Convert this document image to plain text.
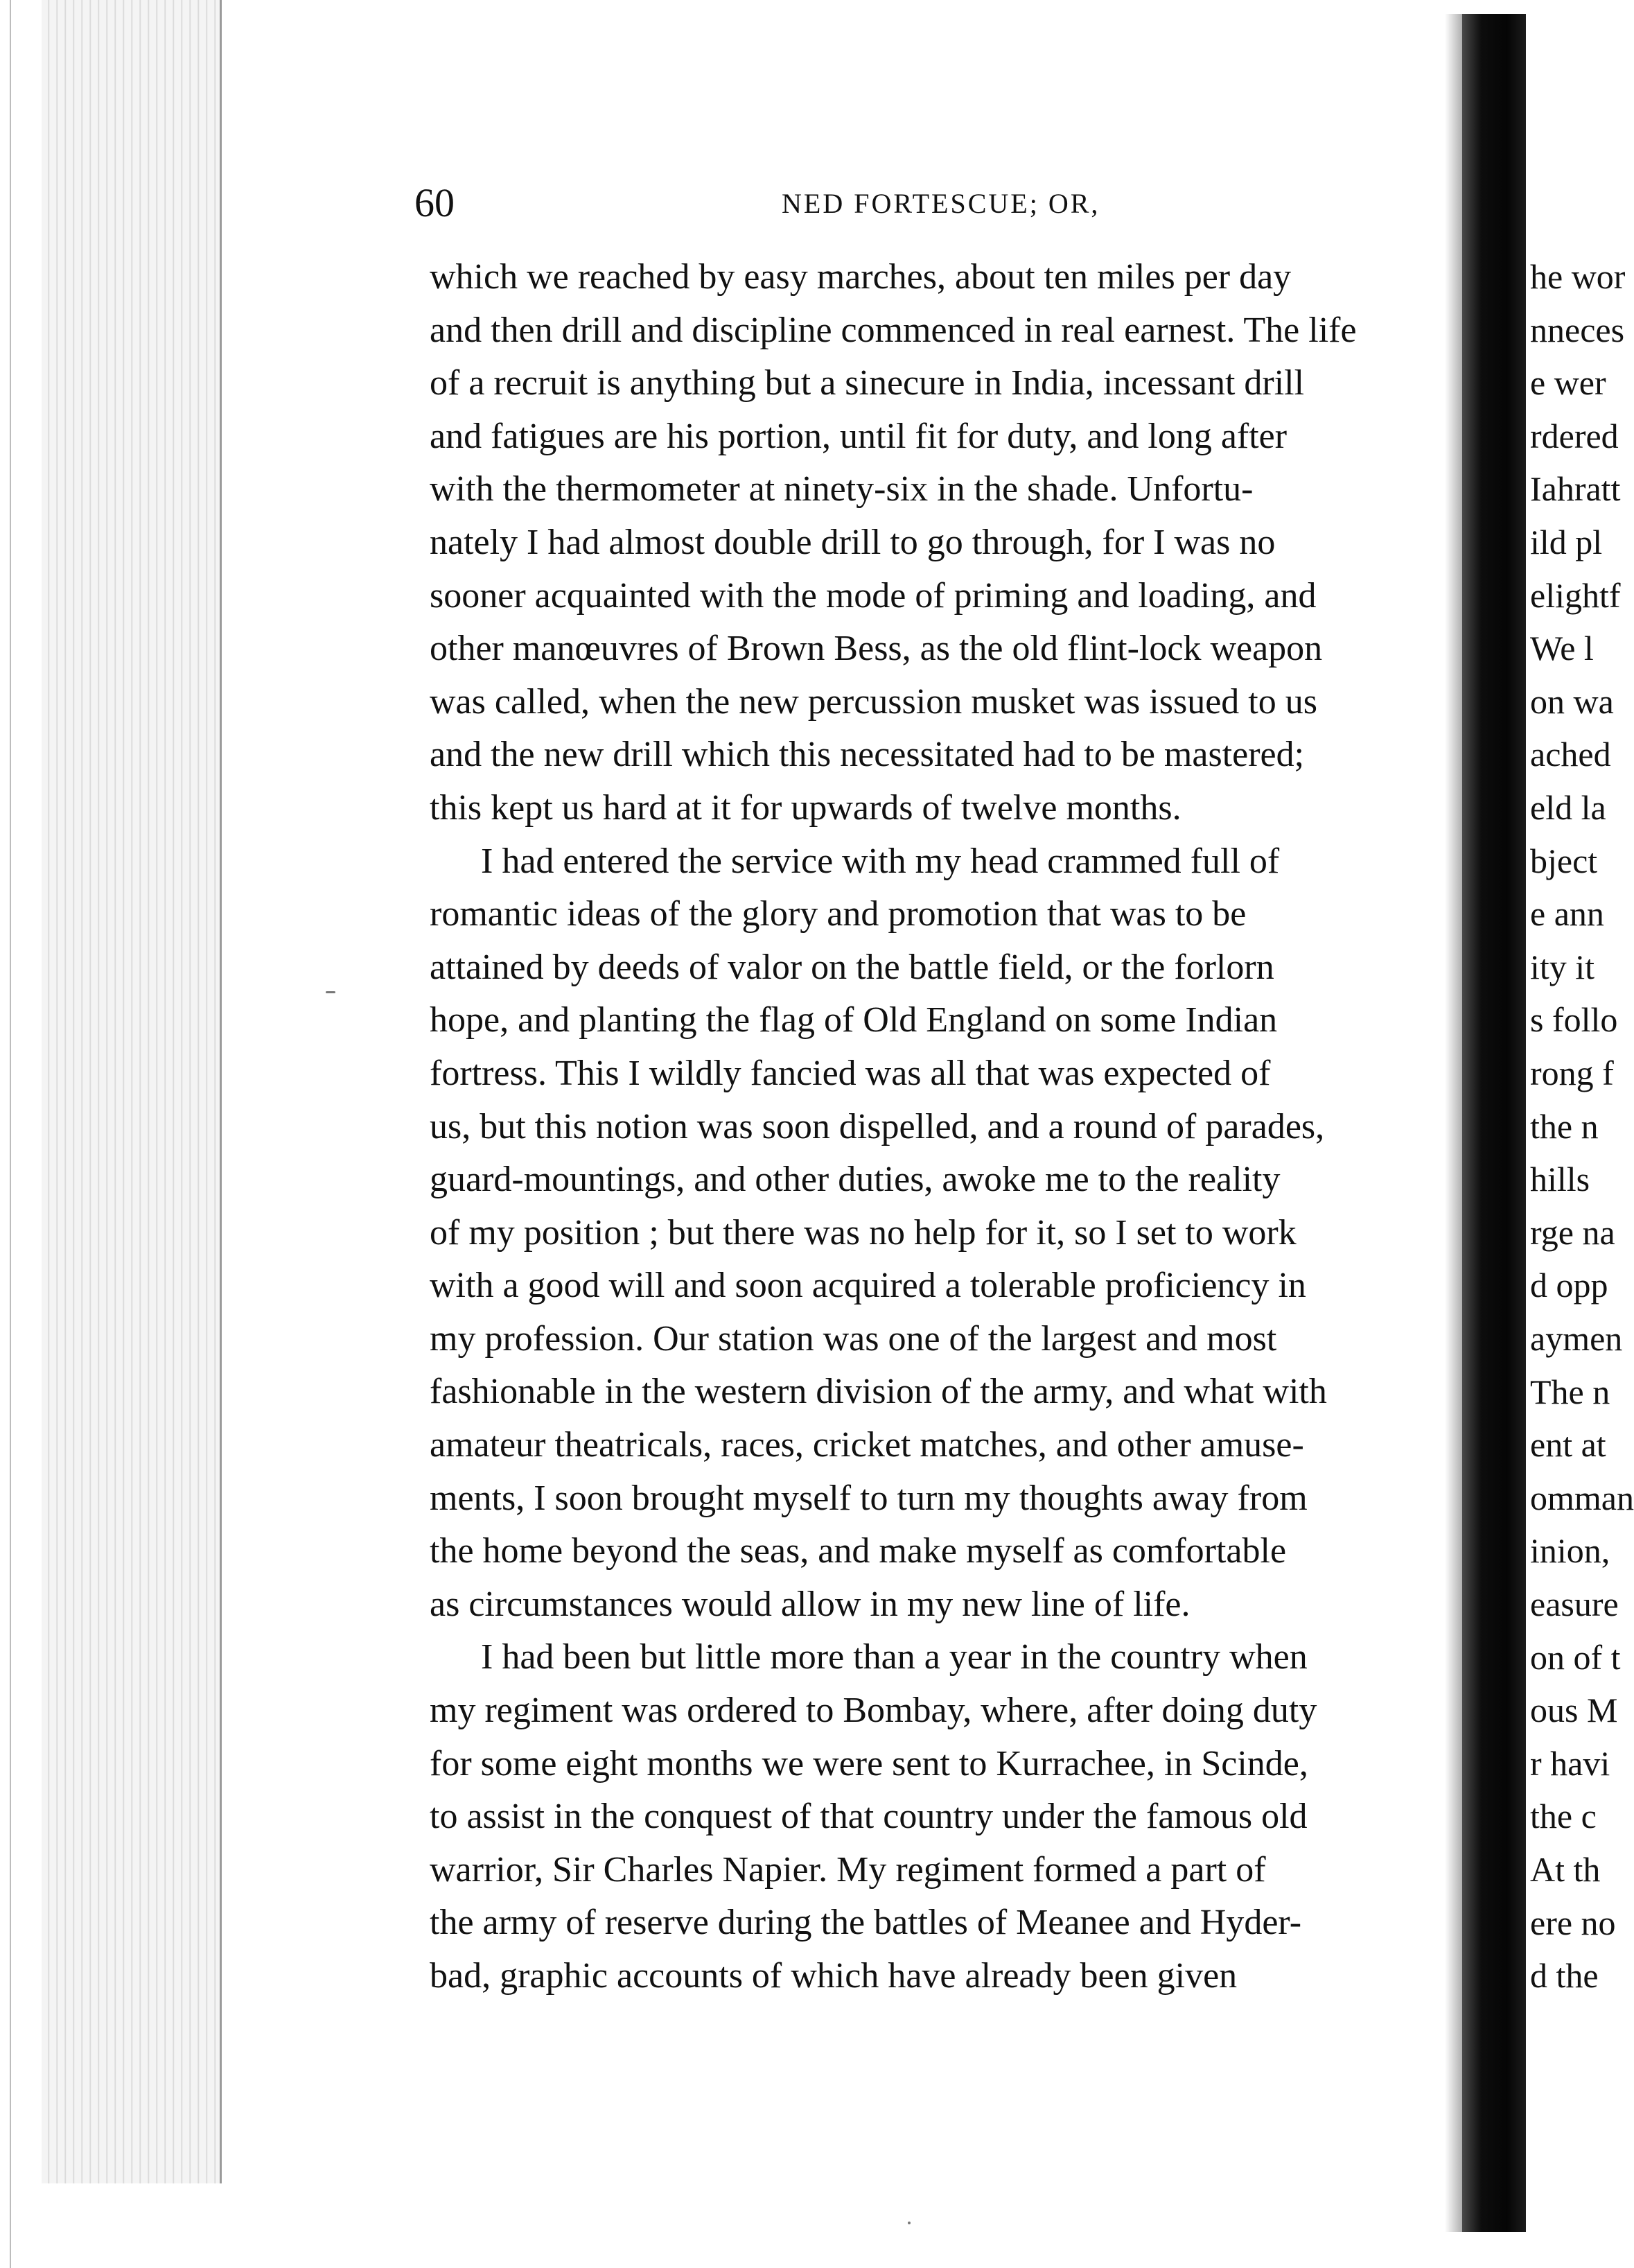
60	NED FORTESCUE; OR,
which we reached by easy marches, about ten miles per day
and then drill and discipline commenced in real earnest. The life
of a recruit is anything but a sinecure in India, incessant drill
and fatigues are his portion, until fit for duty, and long after
with the thermometer at ninety-six in the shade. Unfortu-
nately I had almost double drill to go through, for I was no
sooner acquainted with the mode of priming and loading, and
other manœuvres of Brown Bess, as the old flint-lock weapon
was called, when the new percussion musket was issued to us
and the new drill which this necessitated had to be mastered;
this kept us hard at it for upwards of twelve months.
I had entered the service with my head crammed full of
romantic ideas of the glory and promotion that was to be
attained by deeds of valor on the battle field, or the forlorn
hope, and planting the flag of Old England on some Indian
fortress. This I wildly fancied was all that was expected of
us, but this notion was soon dispelled, and a round of parades,
guard-mountings, and other duties, awoke me to the reality
of my position ; but there was no help for it, so I set to work
with a good will and soon acquired a tolerable proficiency in
my profession. Our station was one of the largest and most
fashionable in the western division of the army, and what with
amateur theatricals, races, cricket matches, and other amuse-
ments, I soon brought myself to turn my thoughts away from
the home beyond the seas, and make myself as comfortable
as circumstances would allow in my new line of life.
I had been but little more than a year in the country when
my regiment was ordered to Bombay, where, after doing duty
for some eight months we were sent to Kurrachee, in Scinde,
to assist in the conquest of that country under the famous old
warrior, Sir Charles Napier. My regiment formed a part of
the army of reserve during the battles of Meanee and Hyder-
bad, graphic accounts of which have already been given
he wor
nneces
e wer
rdered
Iahratt
ild pl
elightf
We l
on wa
ached
eld la
bject
e ann
ity it
s follo
rong f
the n
hills
rge na
d opp
aymen
The n
ent at
omman
inion,
easure
on of t
ous M
r havi
the c
At th
ere no
d the
